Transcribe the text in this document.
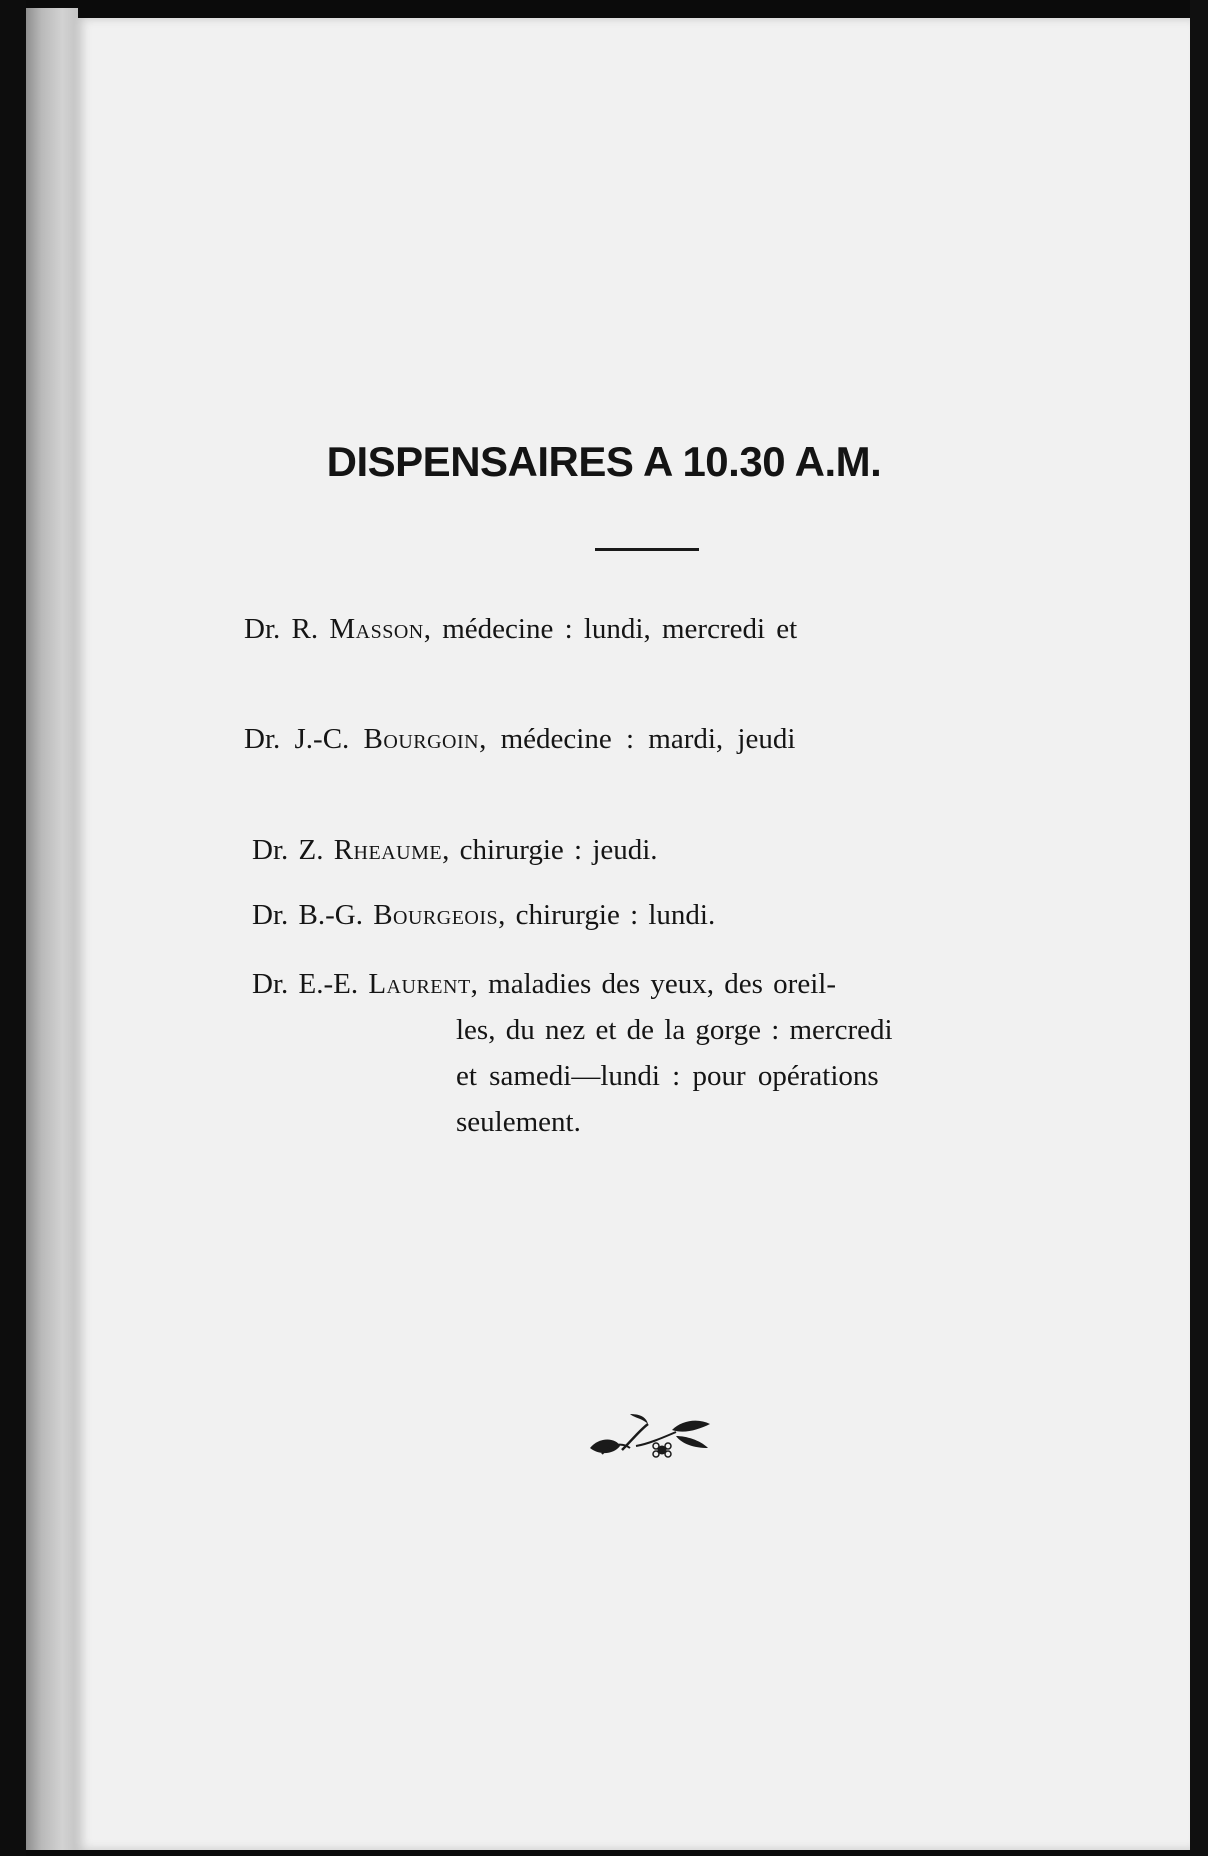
DISPENSAIRES A 10.30 A.M.
Dr. R. Masson, médecine : lundi, mercredi et
Dr. J.-C. Bourgoin, médecine : mardi, jeudi
Dr. Z. Rheaume, chirurgie : jeudi.
Dr. B.-G. Bourgeois, chirurgie : lundi.
Dr. E.-E. Laurent, maladies des yeux, des oreil-
les, du nez et de la gorge : mercredi
et samedi—lundi : pour opérations
seulement.
